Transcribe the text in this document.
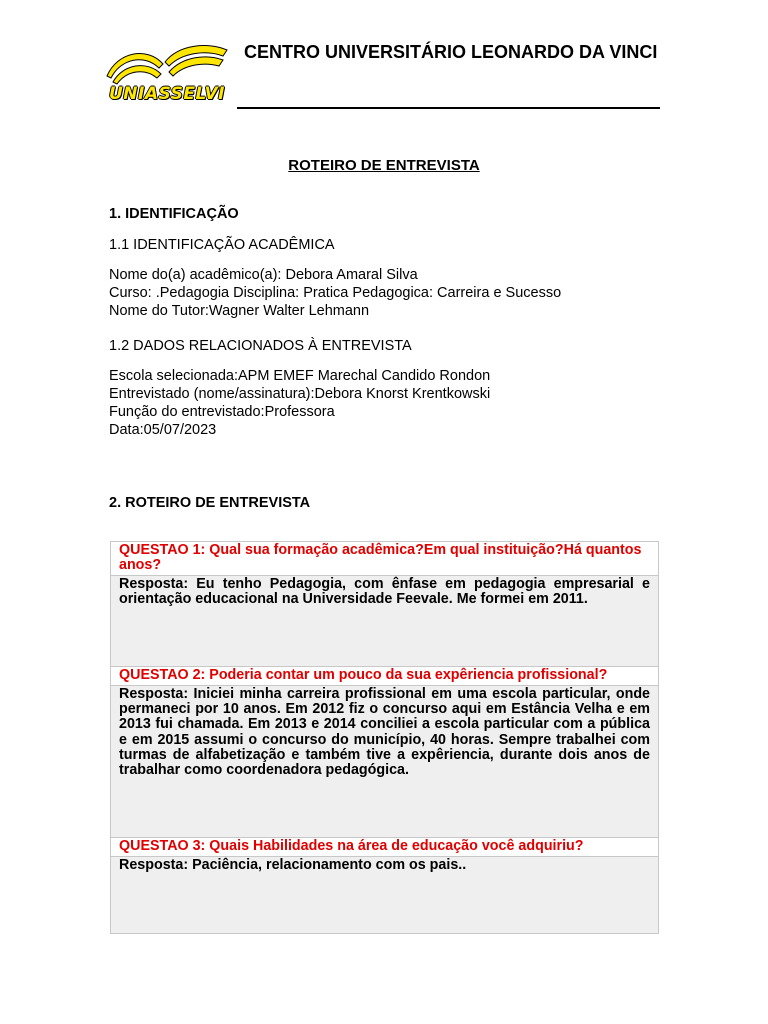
UNIASSELVI
CENTRO UNIVERSITÁRIO LEONARDO DA VINCI
ROTEIRO DE ENTREVISTA
1. IDENTIFICAÇÃO
1.1 IDENTIFICAÇÃO ACADÊMICA
Nome do(a) acadêmico(a): Debora Amaral Silva
Curso: .Pedagogia Disciplina: Pratica Pedagogica: Carreira e Sucesso
Nome do Tutor:Wagner Walter Lehmann
1.2 DADOS RELACIONADOS À ENTREVISTA
Escola selecionada:APM EMEF Marechal Candido Rondon
Entrevistado (nome/assinatura):Debora Knorst Krentkowski
Função do entrevistado:Professora
Data:05/07/2023
2. ROTEIRO DE ENTREVISTA
QUESTAO 1: Qual sua formação acadêmica?Em qual instituição?Há quantos anos?
Resposta: Eu tenho Pedagogia, com ênfase em pedagogia empresarial e orientação educacional na Universidade Feevale. Me formei em 2011.
QUESTAO 2: Poderia contar um pouco da sua expêriencia profissional?
Resposta: Iniciei minha carreira profissional em uma escola particular, onde permaneci por 10 anos. Em 2012 fiz o concurso aqui em Estância Velha e em 2013 fui chamada. Em 2013 e 2014 conciliei a escola particular com a pública e em 2015 assumi o concurso do município, 40 horas. Sempre trabalhei com turmas de alfabetização e também tive a expêriencia, durante dois anos de trabalhar como coordenadora pedagógica.
QUESTAO 3: Quais Habilidades na área de educação você adquiriu?
Resposta: Paciência, relacionamento com os pais..
